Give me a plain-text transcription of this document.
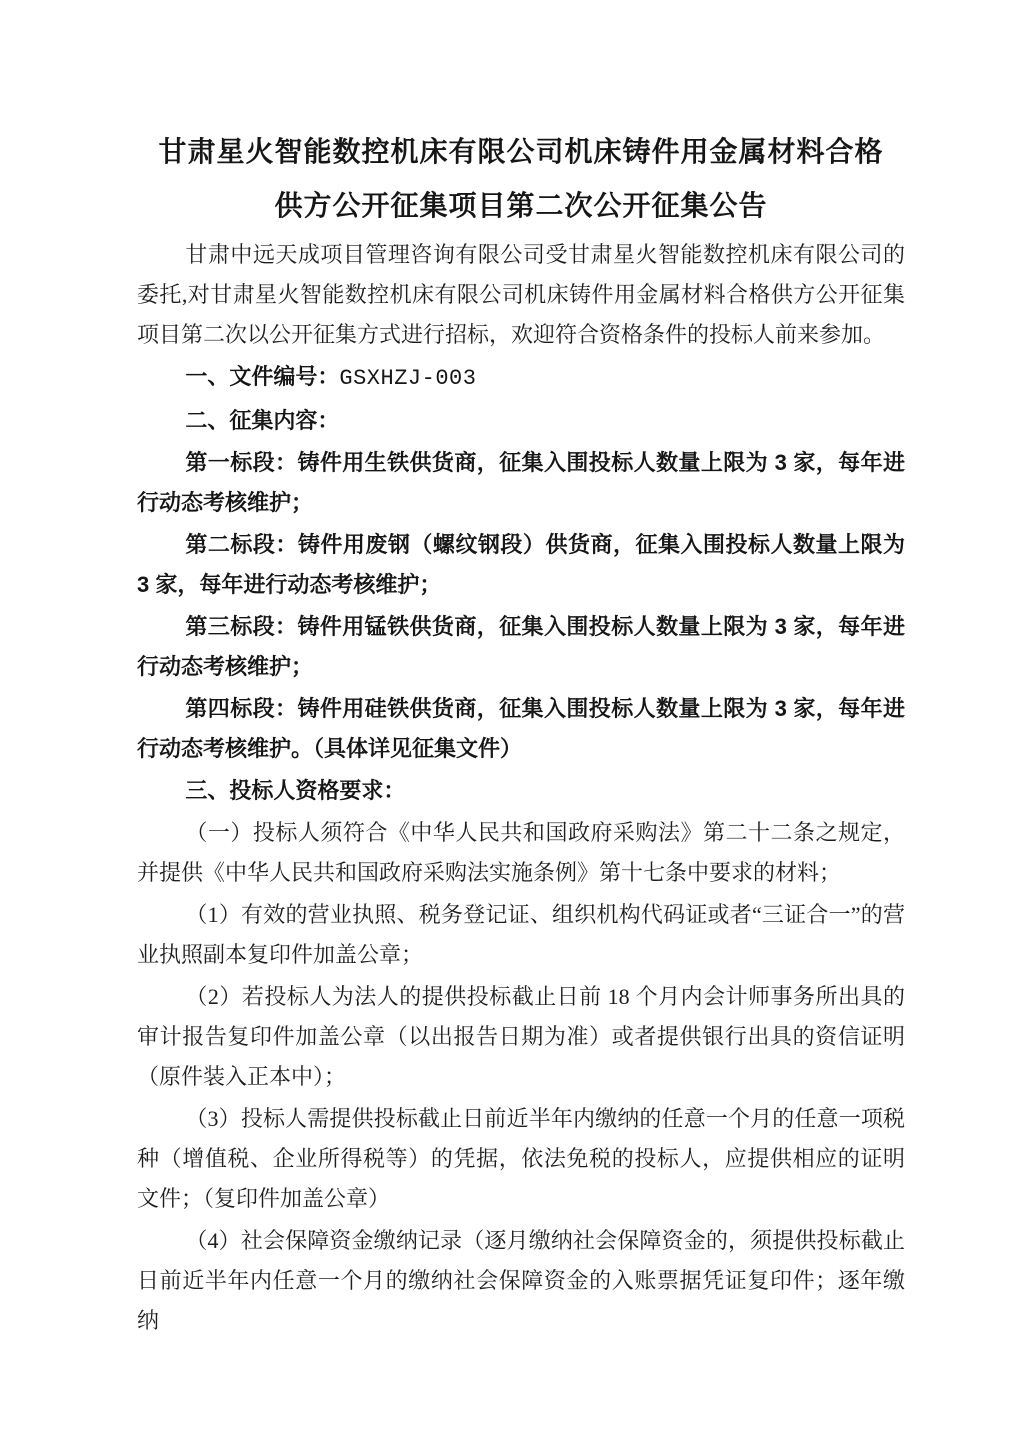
甘肃星火智能数控机床有限公司机床铸件用金属材料合格
供方公开征集项目第二次公开征集公告

甘肃中远天成项目管理咨询有限公司受甘肃星火智能数控机床有限公司的委托,对甘肃星火智能数控机床有限公司机床铸件用金属材料合格供方公开征集项目第二次以公开征集方式进行招标，欢迎符合资格条件的投标人前来参加。

一、文件编号：GSXHZJ-003

二、征集内容：

第一标段：铸件用生铁供货商，征集入围投标人数量上限为 3 家，每年进行动态考核维护；

第二标段：铸件用废钢（螺纹钢段）供货商，征集入围投标人数量上限为 3 家，每年进行动态考核维护；

第三标段：铸件用锰铁供货商，征集入围投标人数量上限为 3 家，每年进行动态考核维护；

第四标段：铸件用硅铁供货商，征集入围投标人数量上限为 3 家，每年进行动态考核维护。（具体详见征集文件）

三、投标人资格要求：

（一）投标人须符合《中华人民共和国政府采购法》第二十二条之规定，并提供《中华人民共和国政府采购法实施条例》第十七条中要求的材料；

（1）有效的营业执照、税务登记证、组织机构代码证或者“三证合一”的营业执照副本复印件加盖公章；

（2）若投标人为法人的提供投标截止日前 18 个月内会计师事务所出具的审计报告复印件加盖公章（以出报告日期为准）或者提供银行出具的资信证明（原件装入正本中）；

（3）投标人需提供投标截止日前近半年内缴纳的任意一个月的任意一项税种（增值税、企业所得税等）的凭据，依法免税的投标人，应提供相应的证明文件；（复印件加盖公章）

（4）社会保障资金缴纳记录（逐月缴纳社会保障资金的，须提供投标截止日前近半年内任意一个月的缴纳社会保障资金的入账票据凭证复印件；逐年缴纳
